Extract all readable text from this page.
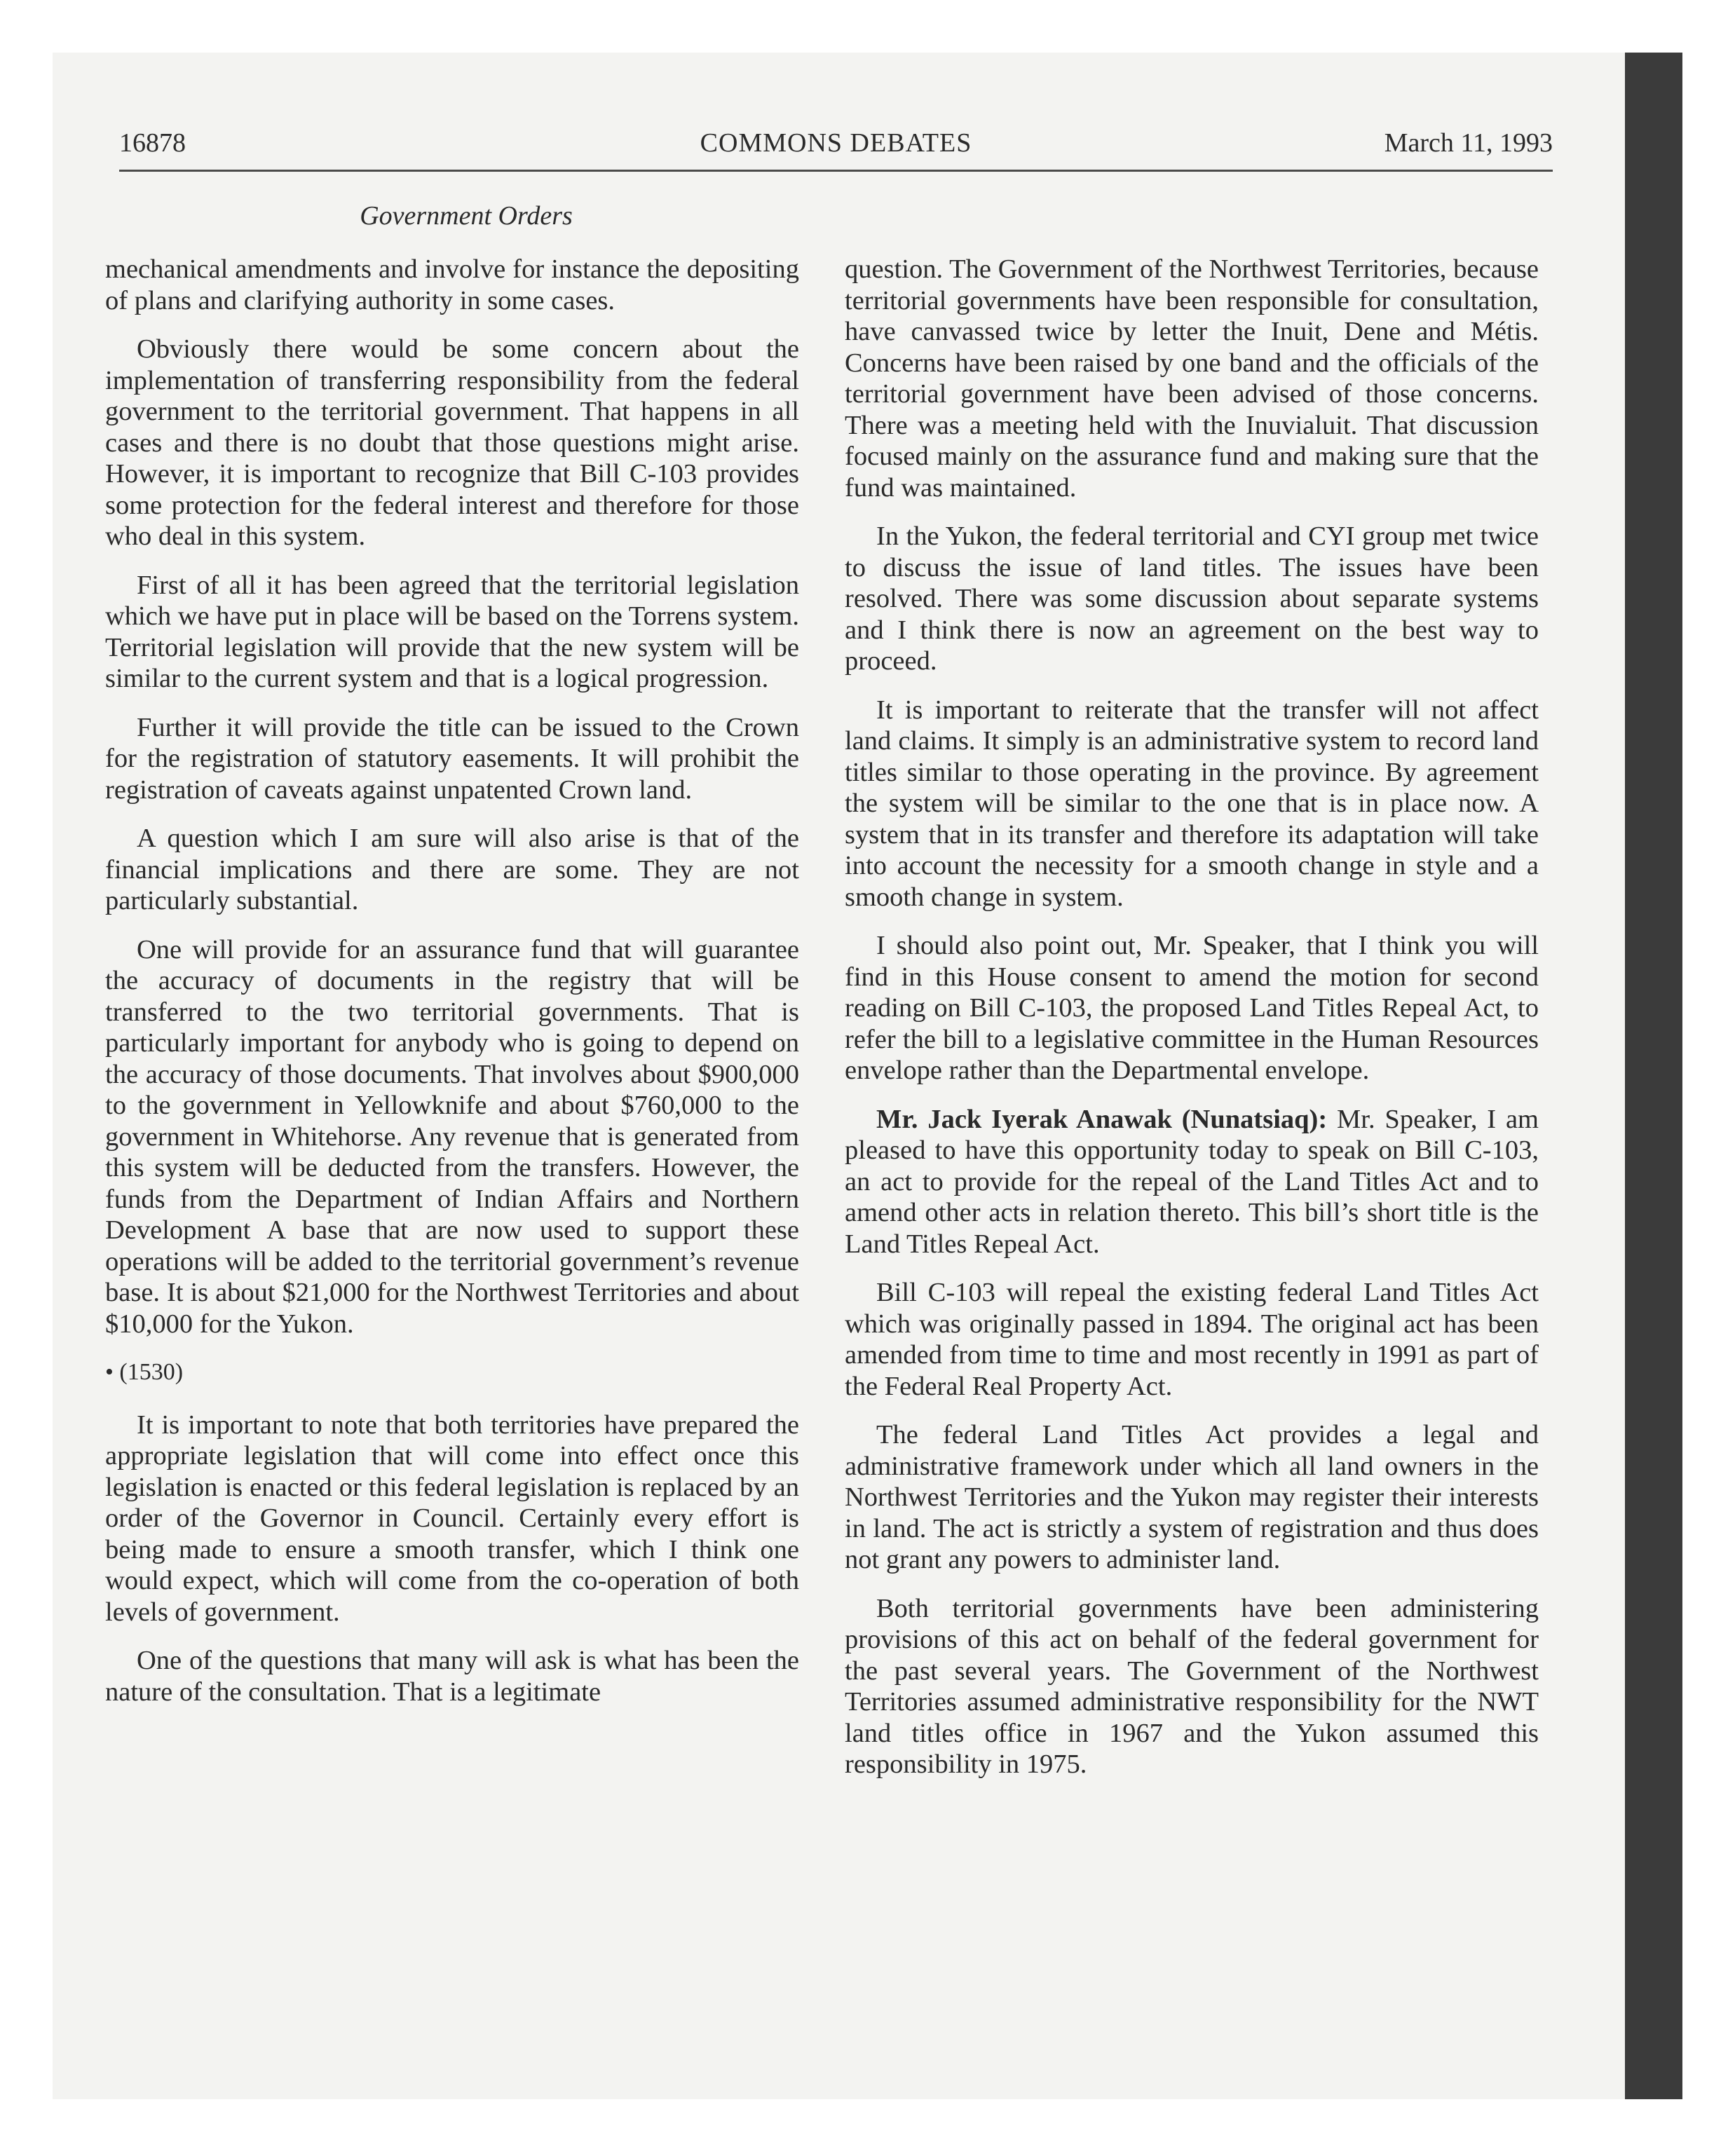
16878	COMMONS DEBATES	March 11, 1993
Government Orders

mechanical amendments and involve for instance the depositing of plans and clarifying authority in some cases.

Obviously there would be some concern about the implementation of transferring responsibility from the federal government to the territorial government. That happens in all cases and there is no doubt that those questions might arise. However, it is important to recognize that Bill C-103 provides some protection for the federal interest and therefore for those who deal in this system.

First of all it has been agreed that the territorial legislation which we have put in place will be based on the Torrens system. Territorial legislation will provide that the new system will be similar to the current system and that is a logical progression.

Further it will provide the title can be issued to the Crown for the registration of statutory easements. It will prohibit the registration of caveats against unpatented Crown land.

A question which I am sure will also arise is that of the financial implications and there are some. They are not particularly substantial.

One will provide for an assurance fund that will guarantee the accuracy of documents in the registry that will be transferred to the two territorial governments. That is particularly important for anybody who is going to depend on the accuracy of those documents. That involves about $900,000 to the government in Yellowknife and about $760,000 to the government in Whitehorse. Any revenue that is generated from this system will be deducted from the transfers. However, the funds from the Department of Indian Affairs and Northern Development A base that are now used to support these operations will be added to the territorial government’s revenue base. It is about $21,000 for the Northwest Territories and about $10,000 for the Yukon.

• (1530)

It is important to note that both territories have prepared the appropriate legislation that will come into effect once this legislation is enacted or this federal legislation is replaced by an order of the Governor in Council. Certainly every effort is being made to ensure a smooth transfer, which I think one would expect, which will come from the co-operation of both levels of government.

One of the questions that many will ask is what has been the nature of the consultation. That is a legitimate

question. The Government of the Northwest Territories, because territorial governments have been responsible for consultation, have canvassed twice by letter the Inuit, Dene and Métis. Concerns have been raised by one band and the officials of the territorial government have been advised of those concerns. There was a meeting held with the Inuvialuit. That discussion focused mainly on the assurance fund and making sure that the fund was maintained.

In the Yukon, the federal territorial and CYI group met twice to discuss the issue of land titles. The issues have been resolved. There was some discussion about separate systems and I think there is now an agreement on the best way to proceed.

It is important to reiterate that the transfer will not affect land claims. It simply is an administrative system to record land titles similar to those operating in the province. By agreement the system will be similar to the one that is in place now. A system that in its transfer and therefore its adaptation will take into account the necessity for a smooth change in style and a smooth change in system.

I should also point out, Mr. Speaker, that I think you will find in this House consent to amend the motion for second reading on Bill C-103, the proposed Land Titles Repeal Act, to refer the bill to a legislative committee in the Human Resources envelope rather than the Departmental envelope.

Mr. Jack Iyerak Anawak (Nunatsiaq): Mr. Speaker, I am pleased to have this opportunity today to speak on Bill C-103, an act to provide for the repeal of the Land Titles Act and to amend other acts in relation thereto. This bill’s short title is the Land Titles Repeal Act.

Bill C-103 will repeal the existing federal Land Titles Act which was originally passed in 1894. The original act has been amended from time to time and most recently in 1991 as part of the Federal Real Property Act.

The federal Land Titles Act provides a legal and administrative framework under which all land owners in the Northwest Territories and the Yukon may register their interests in land. The act is strictly a system of registration and thus does not grant any powers to administer land.

Both territorial governments have been administering provisions of this act on behalf of the federal government for the past several years. The Government of the Northwest Territories assumed administrative responsibility for the NWT land titles office in 1967 and the Yukon assumed this responsibility in 1975.
